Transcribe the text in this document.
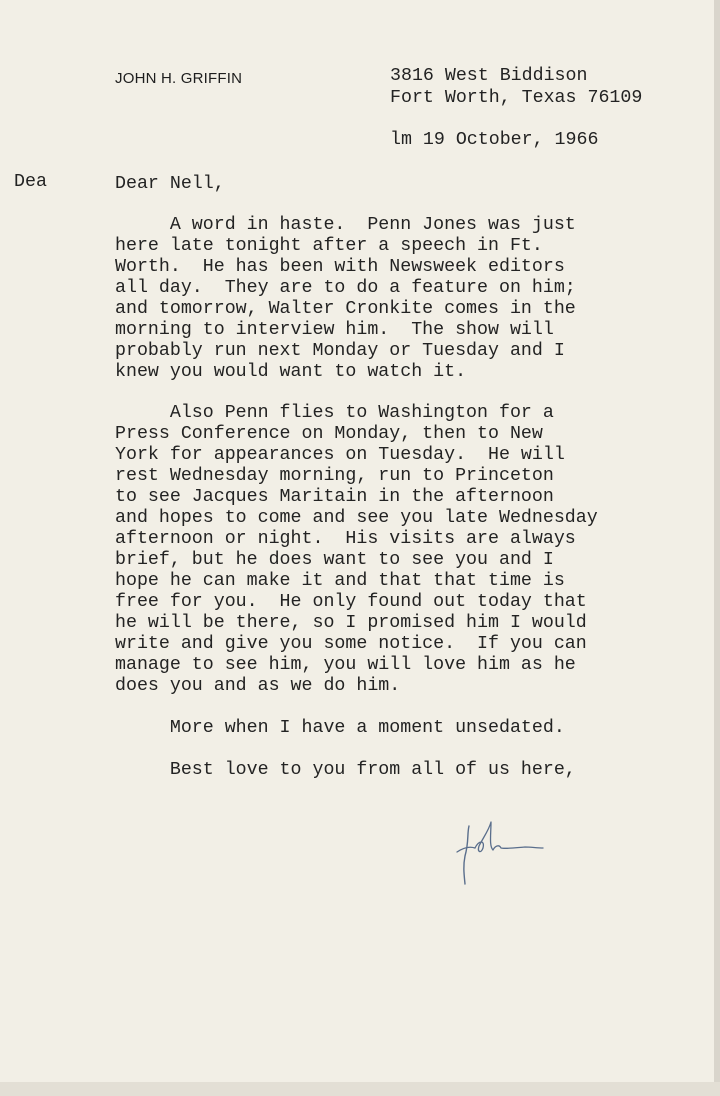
JOHN H. GRIFFIN	3816 West Biddison
Fort Worth, Texas 76109
lm 19 October, 1966
Dea	Dear Nell,
A word in haste.  Penn Jones was just
here late tonight after a speech in Ft.
Worth.  He has been with Newsweek editors
all day.  They are to do a feature on him;
and tomorrow, Walter Cronkite comes in the
morning to interview him.  The show will
probably run next Monday or Tuesday and I
knew you would want to watch it.
Also Penn flies to Washington for a
Press Conference on Monday, then to New
York for appearances on Tuesday.  He will
rest Wednesday morning, run to Princeton
to see Jacques Maritain in the afternoon
and hopes to come and see you late Wednesday
afternoon or night.  His visits are always
brief, but he does want to see you and I
hope he can make it and that that time is
free for you.  He only found out today that
he will be there, so I promised him I would
write and give you some notice.  If you can
manage to see him, you will love him as he
does you and as we do him.
More when I have a moment unsedated.
Best love to you from all of us here,
